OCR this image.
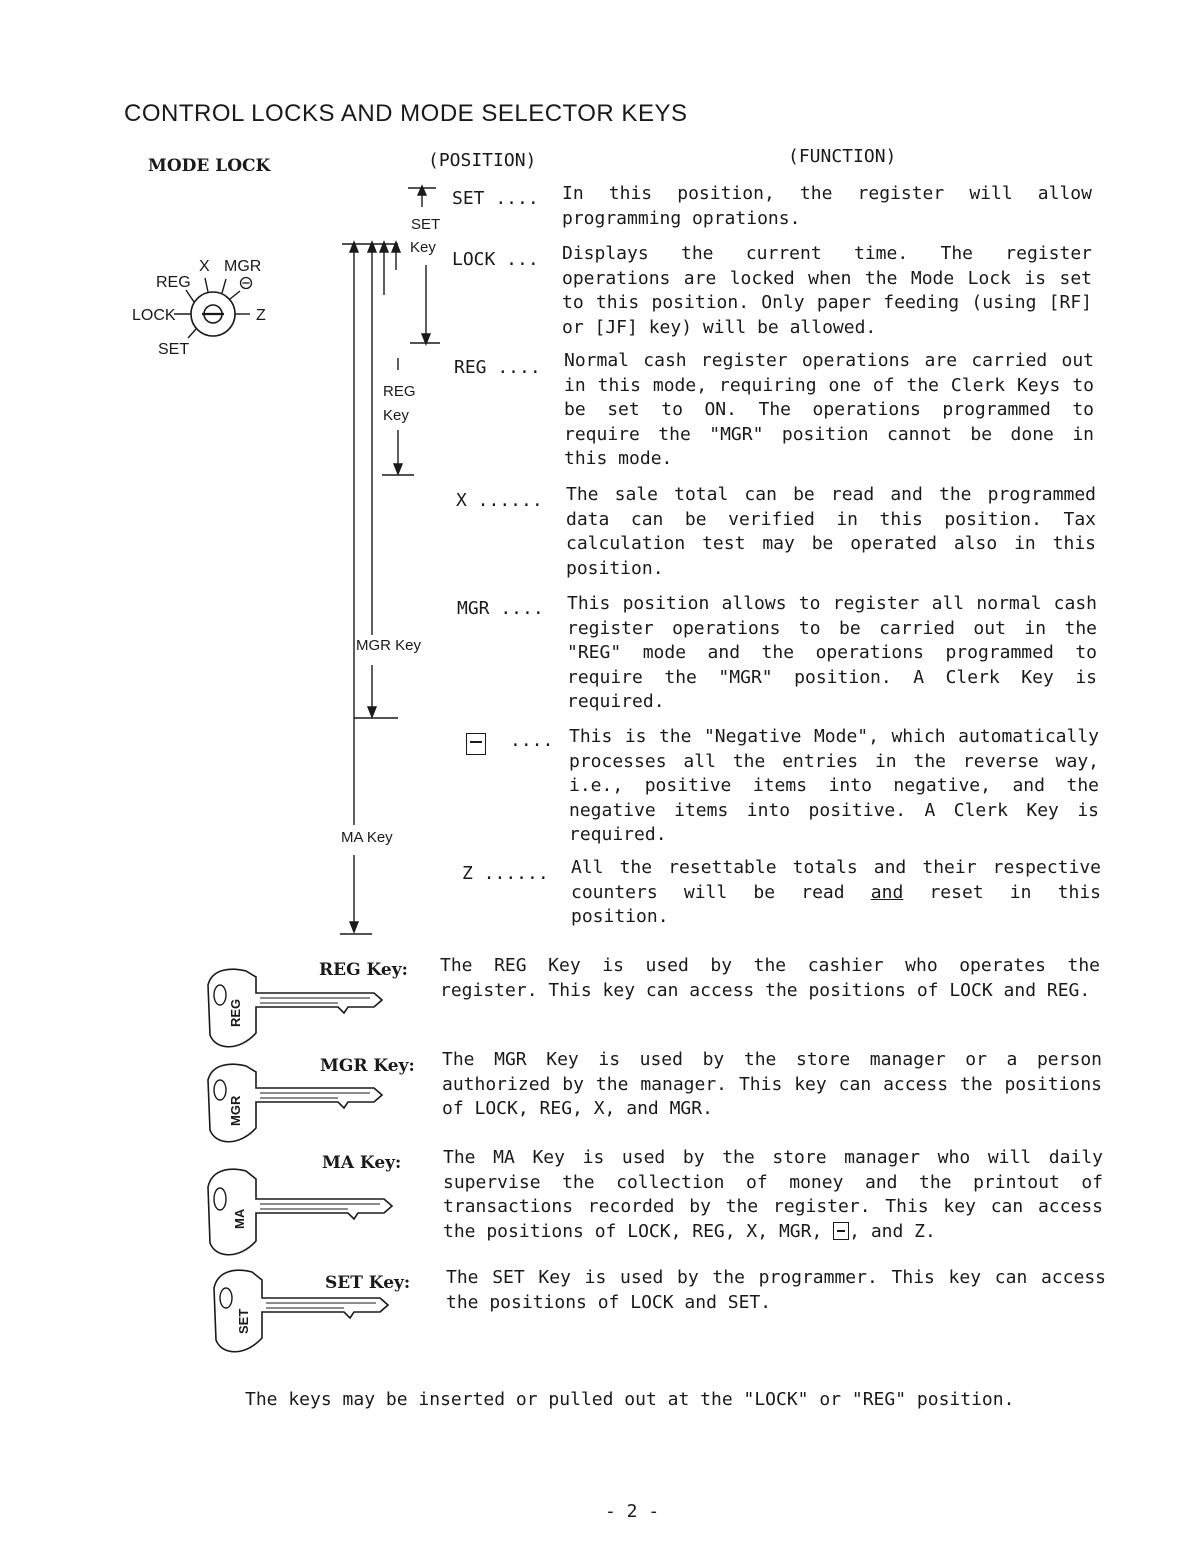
CONTROL LOCKS AND MODE SELECTOR KEYS
MODE LOCK	(POSITION)	(FUNCTION)
REG
X MGR
LOCK	Z
SET
SET
Key
REG
Key
MGR Key
MA Key
SET .... In this position, the register will allow programming oprations.
LOCK ... Displays the current time. The register operations are locked when the Mode Lock is set to this position. Only paper feeding (using [RF] or [JF] key) will be allowed.
REG .... Normal cash register operations are carried out in this mode, requiring one of the Clerk Keys to be set to ON. The operations programmed to require the "MGR" position cannot be done in this mode.
X ...... The sale total can be read and the programmed data can be verified in this position. Tax calculation test may be operated also in this position.
MGR .... This position allows to register all normal cash register operations to be carried out in the "REG" mode and the operations programmed to require the "MGR" position. A Clerk Key is required.
.... This is the "Negative Mode", which automatically processes all the entries in the reverse way, i.e., positive items into negative, and the negative items into positive. A Clerk Key is required.
Z ...... All the resettable totals and their respective counters will be read and reset in this position.
REG
MGR
MA
SET
REG Key: The REG Key is used by the cashier who operates the register. This key can access the positions of LOCK and REG.
MGR Key: The MGR Key is used by the store manager or a person authorized by the manager. This key can access the positions of LOCK, REG, X, and MGR.
MA Key: The MA Key is used by the store manager who will daily supervise the collection of money and the printout of transactions recorded by the register. This key can access the positions of LOCK, REG, X, MGR, , and Z.
SET Key: The SET Key is used by the programmer. This key can access the positions of LOCK and SET.
The keys may be inserted or pulled out at the "LOCK" or "REG" position.
- 2 -
